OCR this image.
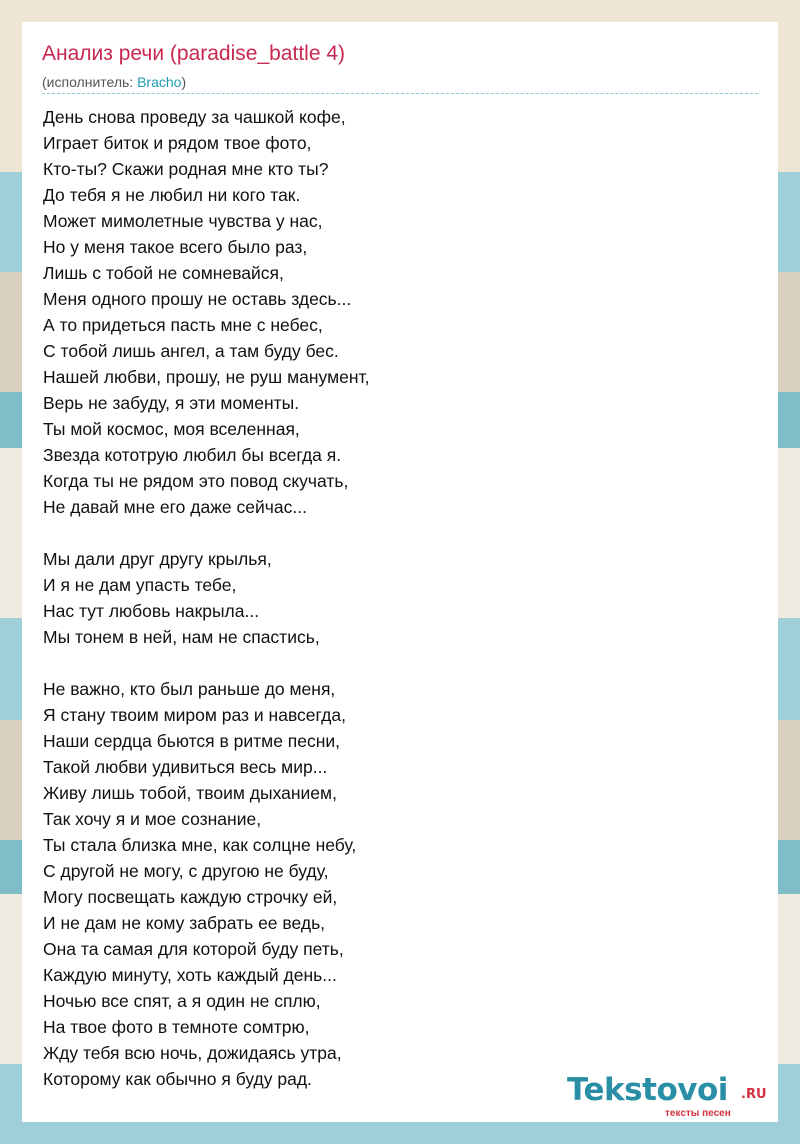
Анализ речи (paradise_battle 4)
(исполнитель: Bracho)
День снова проведу за чашкой кофе,
Играет биток и рядом твое фото,
Кто-ты? Скажи родная мне кто ты?
До тебя я не любил ни кого так.
Может мимолетные чувства у нас,
Но у меня такое всего было раз,
Лишь с тобой не сомневайся,
Меня одного прошу не оставь здесь...
А то придеться пасть мне с небес,
С тобой лишь ангел, а там буду бес.
Нашей любви, прошу, не руш манумент,
Верь не забуду, я эти моменты.
Ты мой космос, моя вселенная,
Звезда кототрую любил бы всегда я.
Когда ты не рядом это повод скучать,
Не давай мне его даже сейчас...
Мы дали друг другу крылья,
И я не дам упасть тебе,
Нас тут любовь накрыла...
Мы тонем в ней, нам не спастись,
Не важно, кто был раньше до меня,
Я стану твоим миром раз и навсегда,
Наши сердца бьются в ритме песни,
Такой любви удивиться весь мир...
Живу лишь тобой, твоим дыханием,
Так хочу я и мое сознание,
Ты стала близка мне, как солцне небу,
С другой не могу, с другою не буду,
Могу посвещать каждую строчку ей,
И не дам не кому забрать ее ведь,
Она та самая для которой буду петь,
Каждую минуту, хоть каждый день...
Ночью все спят, а я один не сплю,
На твое фото в темноте сомтрю,
Жду тебя всю ночь, дожидаясь утра,
Которому как обычно я буду рад.	Tekstovoi .RU
тексты песен
